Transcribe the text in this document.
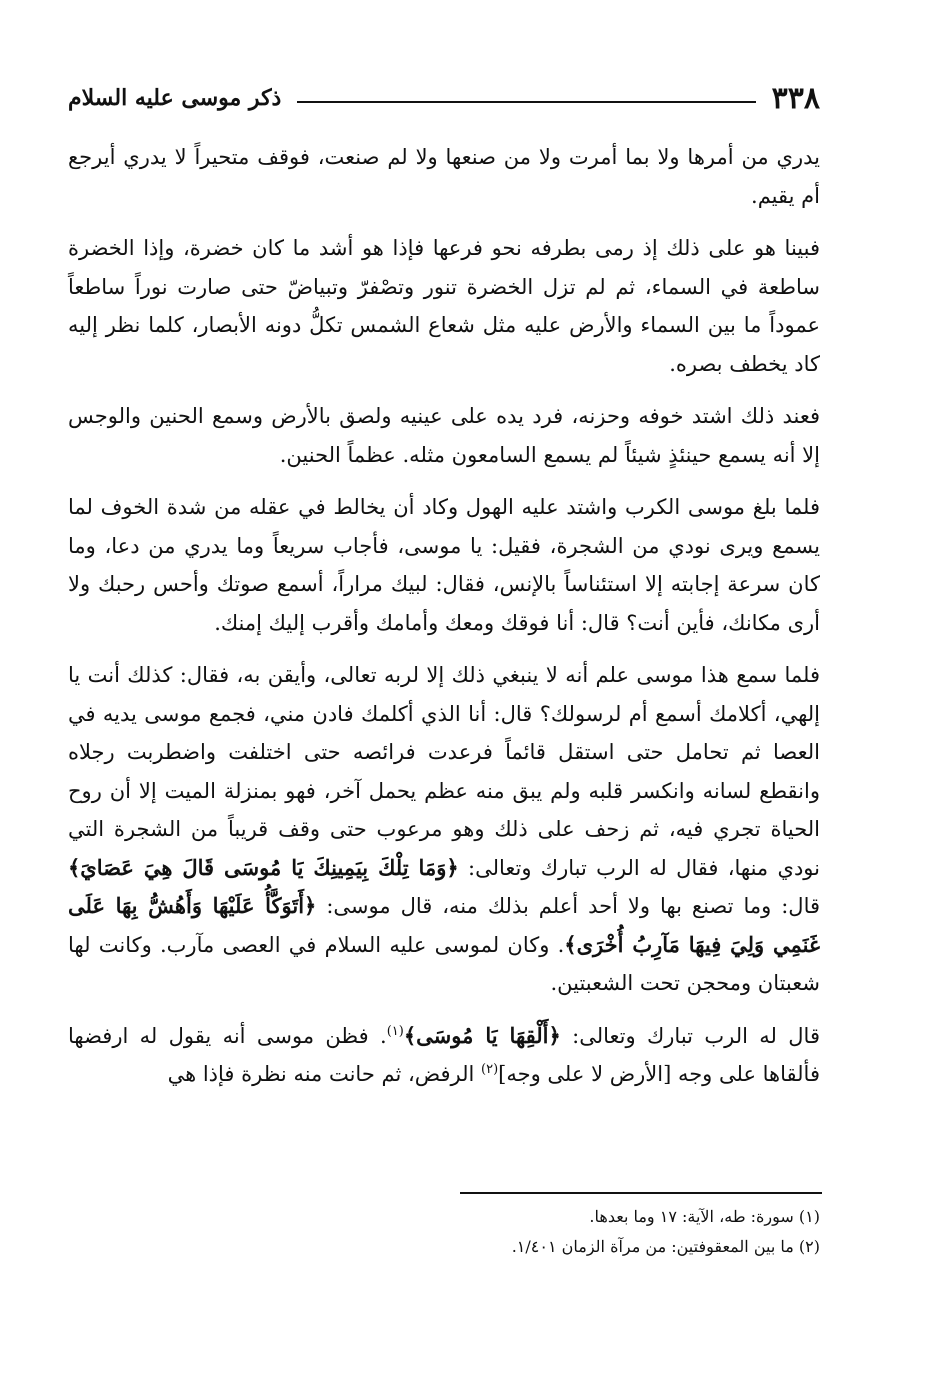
٣٣٨
ذكر موسى عليه السلام

يدري من أمرها ولا بما أمرت ولا من صنعها ولا لم صنعت، فوقف متحيراً لا يدري أيرجع أم يقيم.

فبينا هو على ذلك إذ رمى بطرفه نحو فرعها فإذا هو أشد ما كان خضرة، وإذا الخضرة ساطعة في السماء، ثم لم تزل الخضرة تنور وتصْفرّ وتبياضّ حتى صارت نوراً ساطعاً عموداً ما بين السماء والأرض عليه مثل شعاع الشمس تكلُّ دونه الأبصار، كلما نظر إليه كاد يخطف بصره.

فعند ذلك اشتد خوفه وحزنه، فرد يده على عينيه ولصق بالأرض وسمع الحنين والوجس إلا أنه يسمع حينئذٍ شيئاً لم يسمع السامعون مثله. عظماً الحنين.

فلما بلغ موسى الكرب واشتد عليه الهول وكاد أن يخالط في عقله من شدة الخوف لما يسمع ويرى نودي من الشجرة، فقيل: يا موسى، فأجاب سريعاً وما يدري من دعا، وما كان سرعة إجابته إلا استئناساً بالإنس، فقال: لبيك مراراً، أسمع صوتك وأحس رحبك ولا أرى مكانك، فأين أنت؟ قال: أنا فوقك ومعك وأمامك وأقرب إليك إمنك.

فلما سمع هذا موسى علم أنه لا ينبغي ذلك إلا لربه تعالى، وأيقن به، فقال: كذلك أنت يا إلهي، أكلامك أسمع أم لرسولك؟ قال: أنا الذي أكلمك فادن مني، فجمع موسى يديه في العصا ثم تحامل حتى استقل قائماً فرعدت فرائصه حتى اختلفت واضطربت رجلاه وانقطع لسانه وانكسر قلبه ولم يبق منه عظم يحمل آخر، فهو بمنزلة الميت إلا أن روح الحياة تجري فيه، ثم زحف على ذلك وهو مرعوب حتى وقف قريباً من الشجرة التي نودي منها، فقال له الرب تبارك وتعالى: ﴿وَمَا تِلْكَ بِيَمِينِكَ يَا مُوسَى قَالَ هِيَ عَصَايَ﴾ قال: وما تصنع بها ولا أحد أعلم بذلك منه، قال موسى: ﴿أَتَوَكَّأُ عَلَيْهَا وَأَهُشُّ بِهَا عَلَى غَنَمِي وَلِيَ فِيهَا مَآرِبُ أُخْرَى﴾. وكان لموسى عليه السلام في العصى مآرب. وكانت لها شعبتان ومحجن تحت الشعبتين.

قال له الرب تبارك وتعالى: ﴿أَلْقِهَا يَا مُوسَى﴾$^{(١)}$. فظن موسى أنه يقول له ارفضها فألقاها على وجه [الأرض لا على وجه]$^{(٢)}$ الرفض، ثم حانت منه نظرة فإذا هي

(١) سورة: طه، الآية: ١٧ وما بعدها.
(٢) ما بين المعقوفتين: من مرآة الزمان ١/٤٠١.
